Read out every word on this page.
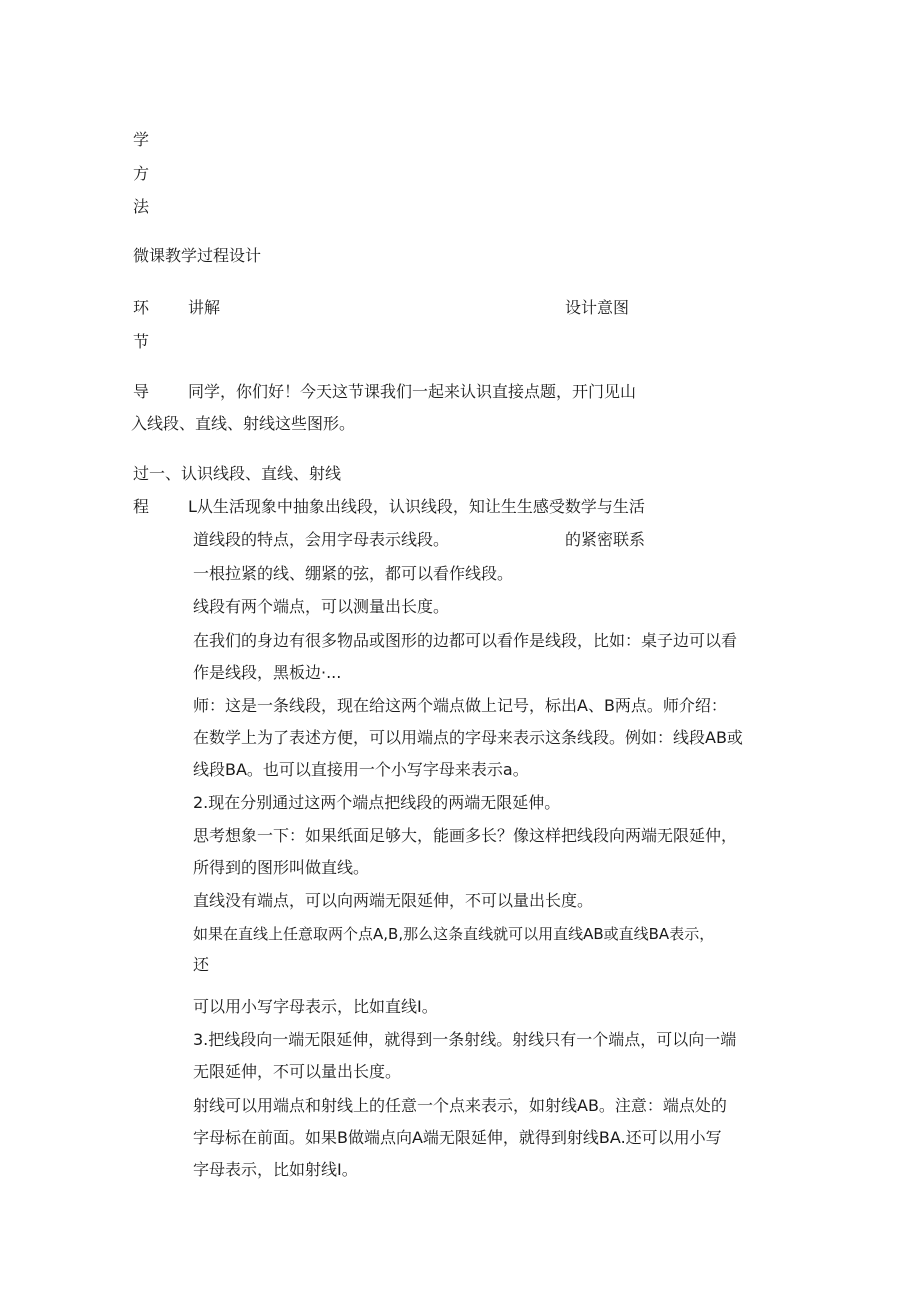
学
方
法
微课教学过程设计
环
节
讲解	设计意图
导 同学，你们好！今天这节课我们一起来认识直接点题，开门见山
入线段、直线、射线这些图形。
过一、认识线段、直线、射线
程 L从生活现象中抽象出线段，认识线段，知让生生感受数学与生活
道线段的特点，会用字母表示线段。	的紧密联系
一根拉紧的线、绷紧的弦，都可以看作线段。
线段有两个端点，可以测量出长度。
在我们的身边有很多物品或图形的边都可以看作是线段，比如：桌子边可以看
作是线段，黑板边·...
师：这是一条线段，现在给这两个端点做上记号，标出A、B两点。师介绍：
在数学上为了表述方便，可以用端点的字母来表示这条线段。例如：线段AB或
线段BA。也可以直接用一个小写字母来表示a。
2.现在分别通过这两个端点把线段的两端无限延伸。
思考想象一下：如果纸面足够大，能画多长？像这样把线段向两端无限延仲，
所得到的图形叫做直线。
直线没有端点，可以向两端无限延伸，不可以量出长度。
如果在直线上任意取两个点A,B,那么这条直线就可以用直线AB或直线BA表示，
还
可以用小写字母表示，比如直线I。
3.把线段向一端无限延伸，就得到一条射线。射线只有一个端点，可以向一端
无限延伸，不可以量出长度。
射线可以用端点和射线上的任意一个点来表示，如射线AB。注意：端点处的
字母标在前面。如果B做端点向A端无限延伸，就得到射线BA.还可以用小写
字母表示，比如射线I。
